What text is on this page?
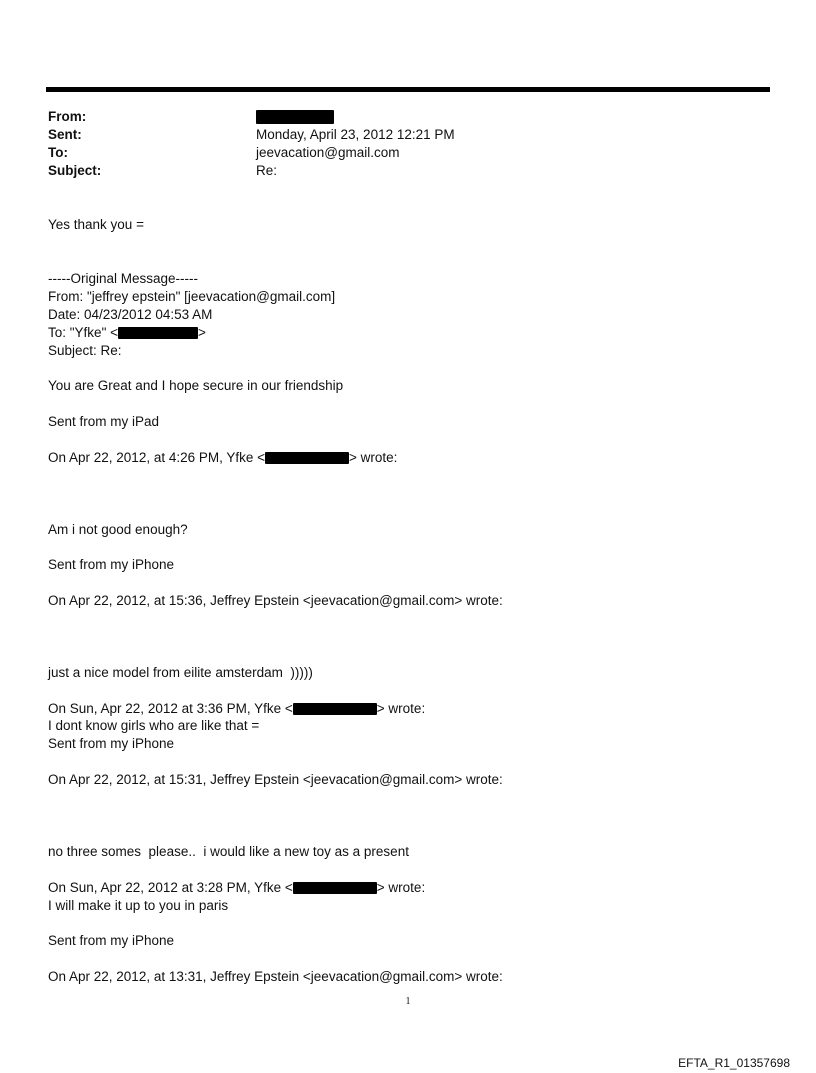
From:
Sent:	Monday, April 23, 2012 12:21 PM
To:	jeevacation@gmail.com
Subject:	Re:
Yes thank you =
-----Original Message-----
From: "jeffrey epstein" [jeevacation@gmail.com]
Date: 04/23/2012 04:53 AM
To: "Yfke" <	>
Subject: Re:
You are Great and I hope secure in our friendship
Sent from my iPad
On Apr 22, 2012, at 4:26 PM, Yfke <	> wrote:
Am i not good enough?
Sent from my iPhone
On Apr 22, 2012, at 15:36, Jeffrey Epstein <jeevacation@gmail.com> wrote:
just a nice model from eilite amsterdam  )))))
On Sun, Apr 22, 2012 at 3:36 PM, Yfke <	> wrote:
I dont know girls who are like that =
Sent from my iPhone
On Apr 22, 2012, at 15:31, Jeffrey Epstein <jeevacation@gmail.com> wrote:
no three somes  please..  i would like a new toy as a present
On Sun, Apr 22, 2012 at 3:28 PM, Yfke <	> wrote:
I will make it up to you in paris
Sent from my iPhone
On Apr 22, 2012, at 13:31, Jeffrey Epstein <jeevacation@gmail.com> wrote:
1
EFTA_R1_01357698
